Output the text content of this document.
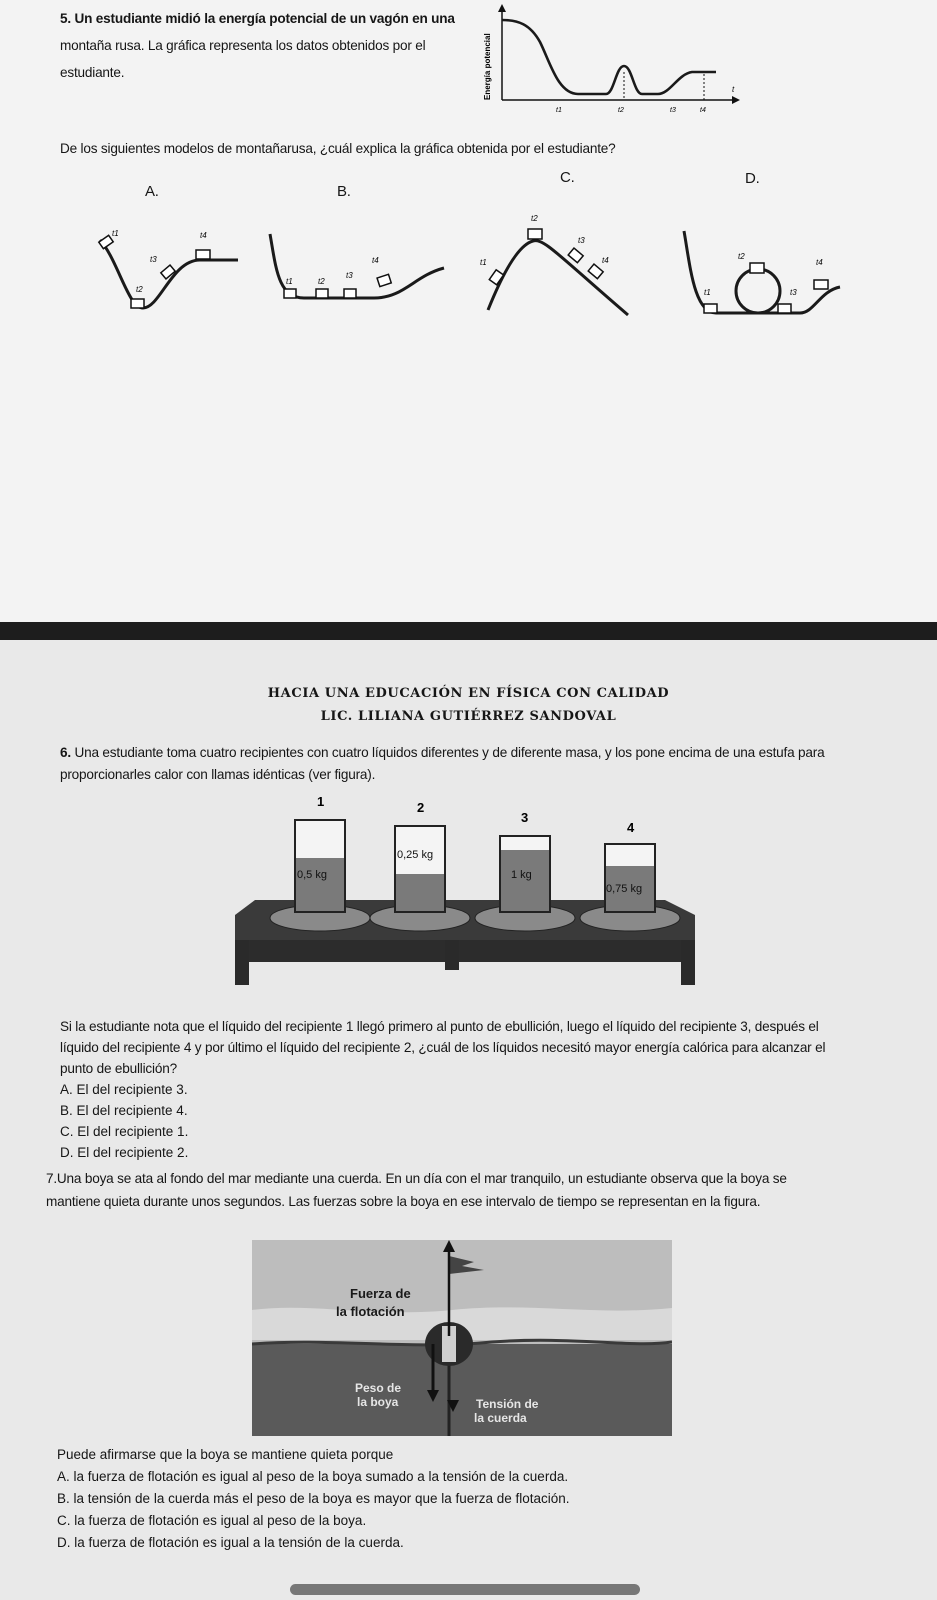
5. Un estudiante midió la energía potencial de un vagón en una
montaña rusa. La gráfica representa los datos obtenidos por el
estudiante.	Energía potencial	t
t1	t2	t3	t4
De los siguientes modelos de montañarusa, ¿cuál explica la gráfica obtenida por el estudiante?
A.	B.
C.	D.
t1
t2
t3
t4
t1	t2
t3
t4	t1
t2
t3
t4
t1
t2
t3
t4
HACIA UNA EDUCACIÓN EN FÍSICA CON CALIDAD
LIC. LILIANA GUTIÉRREZ SANDOVAL
6. Una estudiante toma cuatro recipientes con cuatro líquidos diferentes y de diferente masa, y los pone encima de una estufa para
proporcionarles calor con llamas idénticas (ver figura).
1
0,5 kg
2
0,25 kg
3
1 kg
4
0,75 kg
Si la estudiante nota que el líquido del recipiente 1 llegó primero al punto de ebullición, luego el líquido del recipiente 3, después el
líquido del recipiente 4 y por último el líquido del recipiente 2, ¿cuál de los líquidos necesitó mayor energía calórica para alcanzar el
punto de ebullición?
A. El del recipiente 3.
B. El del recipiente 4.
C. El del recipiente 1.
D. El del recipiente 2.
7.Una boya se ata al fondo del mar mediante una cuerda. En un día con el mar tranquilo, un estudiante observa que la boya se
mantiene quieta durante unos segundos. Las fuerzas sobre la boya en ese intervalo de tiempo se representan en la figura.
Fuerza de
la flotación
Peso de
la boya	Tensión de
la cuerda
Puede afirmarse que la boya se mantiene quieta porque
A. la fuerza de flotación es igual al peso de la boya sumado a la tensión de la cuerda.
B. la tensión de la cuerda más el peso de la boya es mayor que la fuerza de flotación.
C. la fuerza de flotación es igual al peso de la boya.
D. la fuerza de flotación es igual a la tensión de la cuerda.
